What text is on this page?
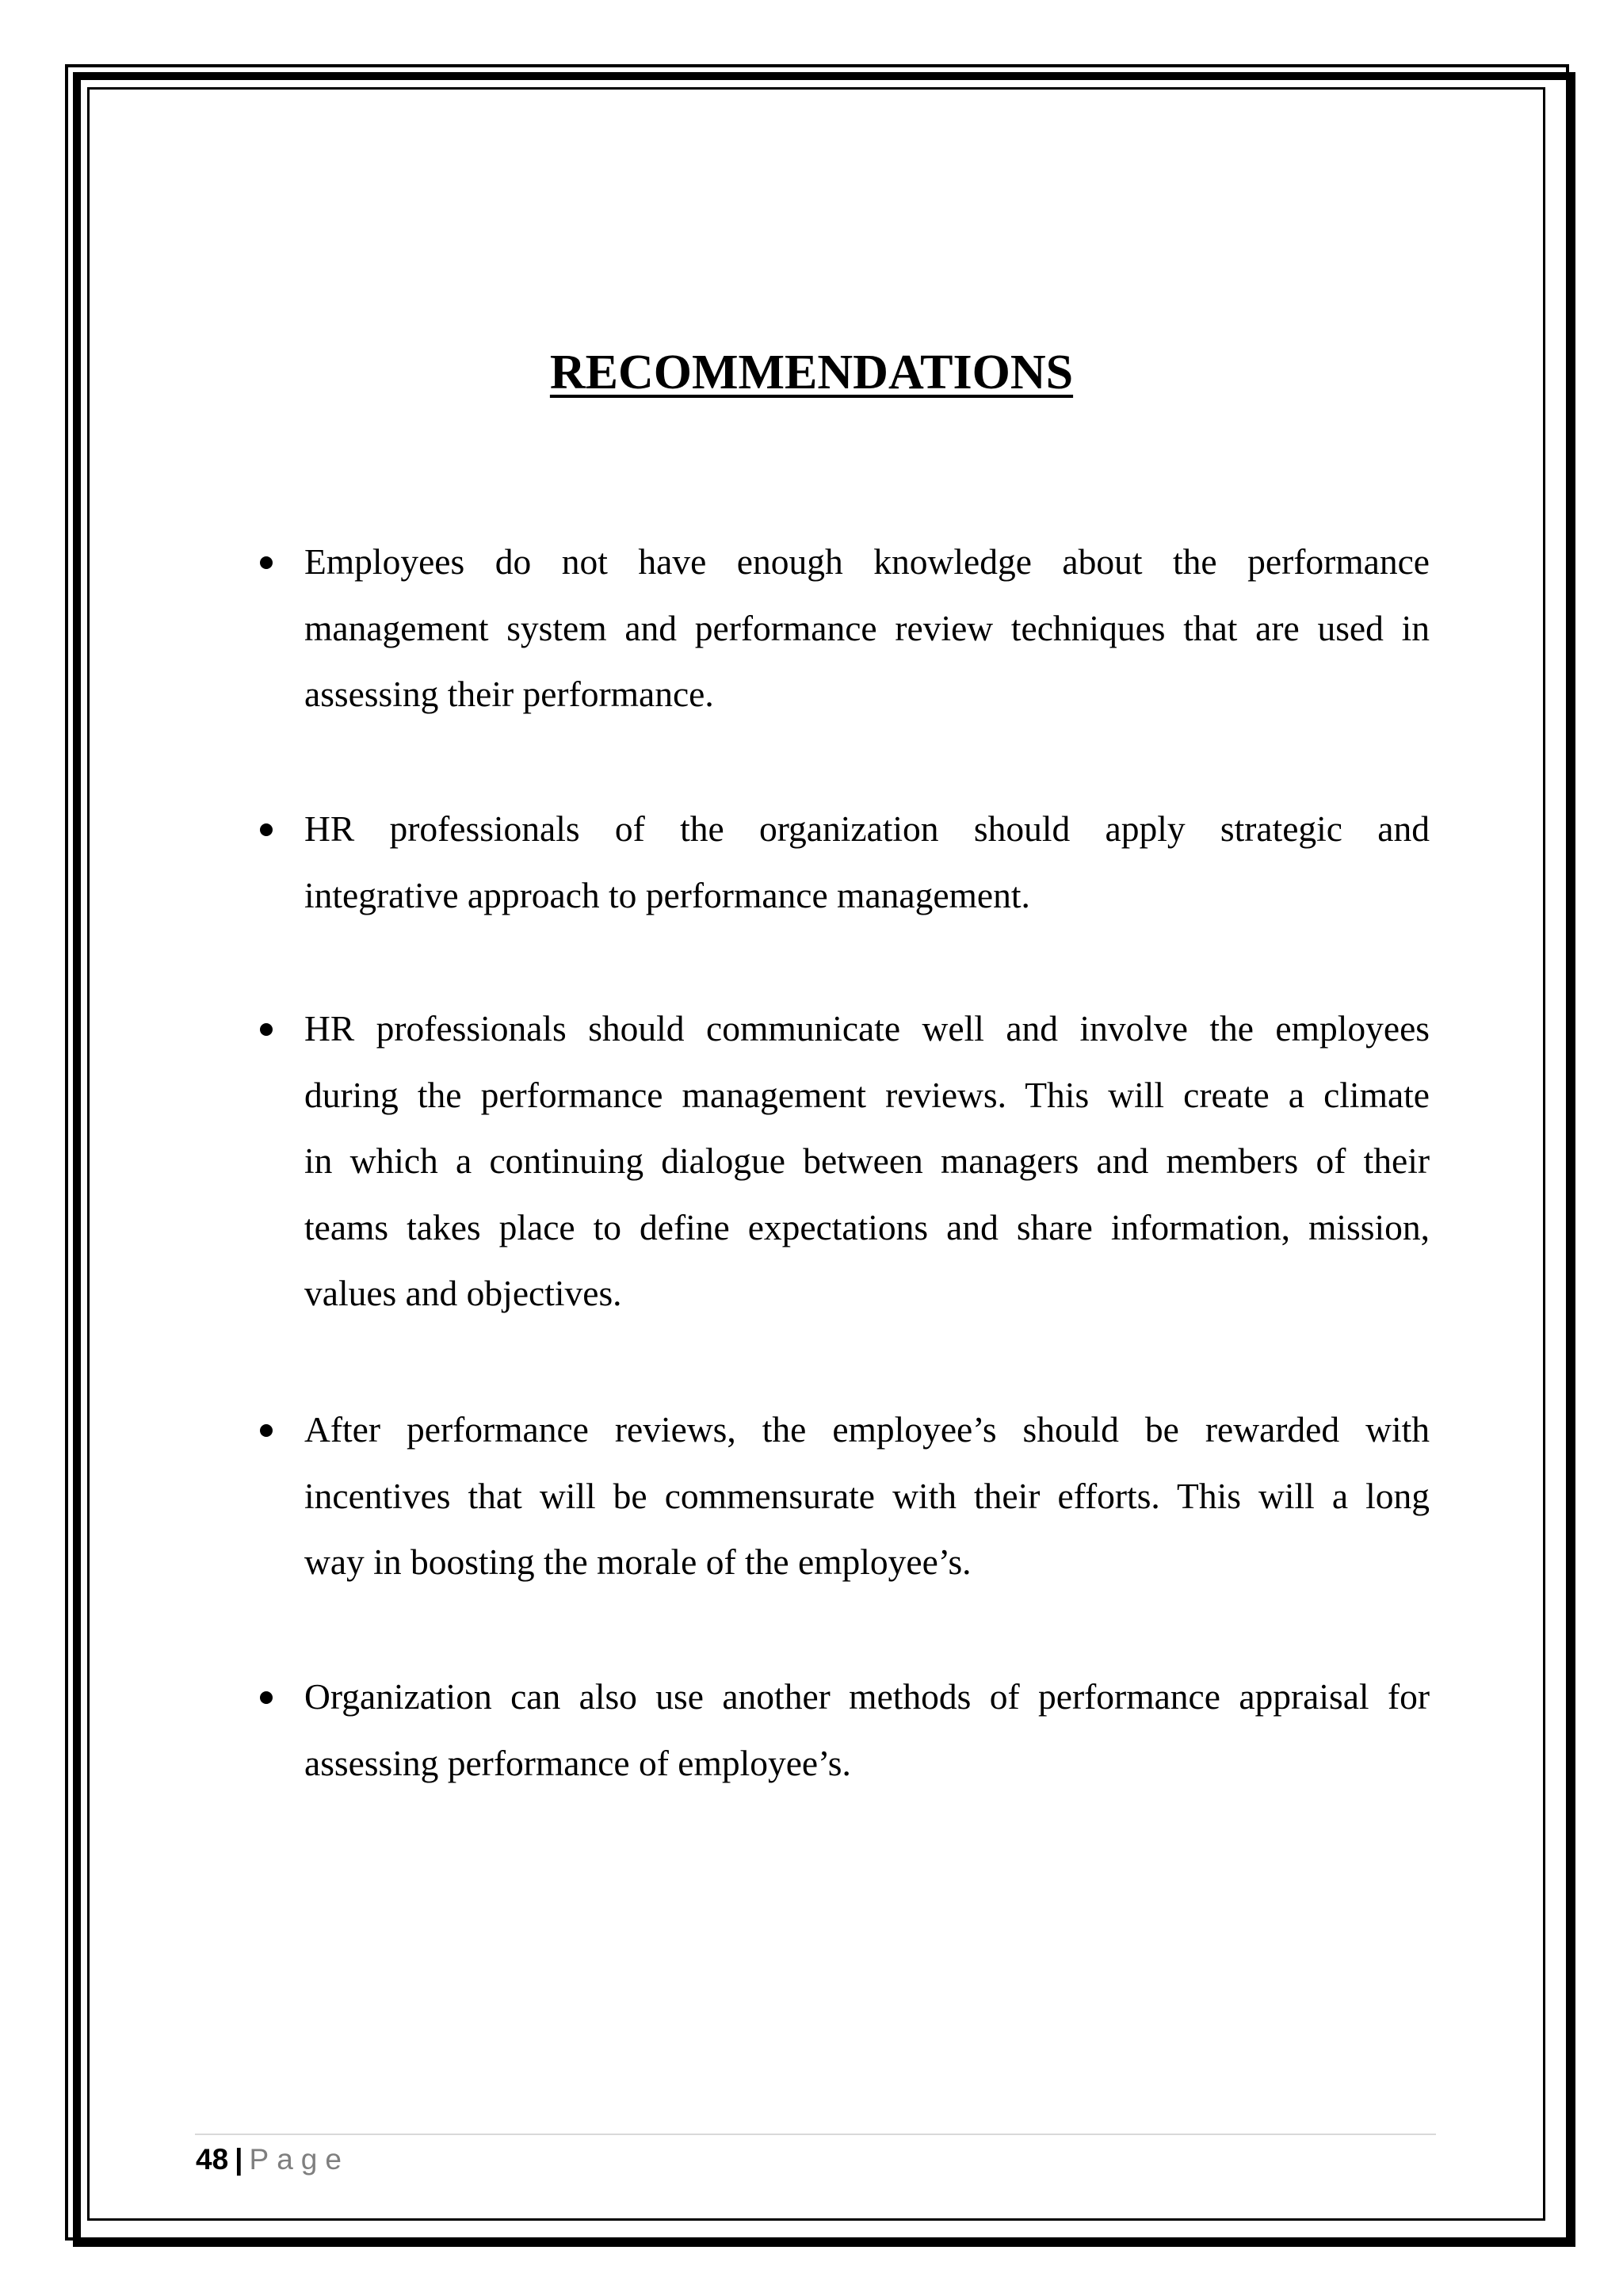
RECOMMENDATIONS
Employees do not have enough knowledge about the performance
management system and performance review techniques that are used in
assessing their performance.
HR professionals of the organization should apply strategic and
integrative approach to performance management.
HR professionals should communicate well and involve the employees
during the performance management reviews. This will create a climate
in which a continuing dialogue between managers and members of their
teams takes place to define expectations and share information, mission,
values and objectives.
After performance reviews, the employee’s should be rewarded with
incentives that will be commensurate with their efforts. This will a long
way in boosting the morale of the employee’s.
Organization can also use another methods of performance appraisal for
assessing performance of employee’s.
48 | Page
